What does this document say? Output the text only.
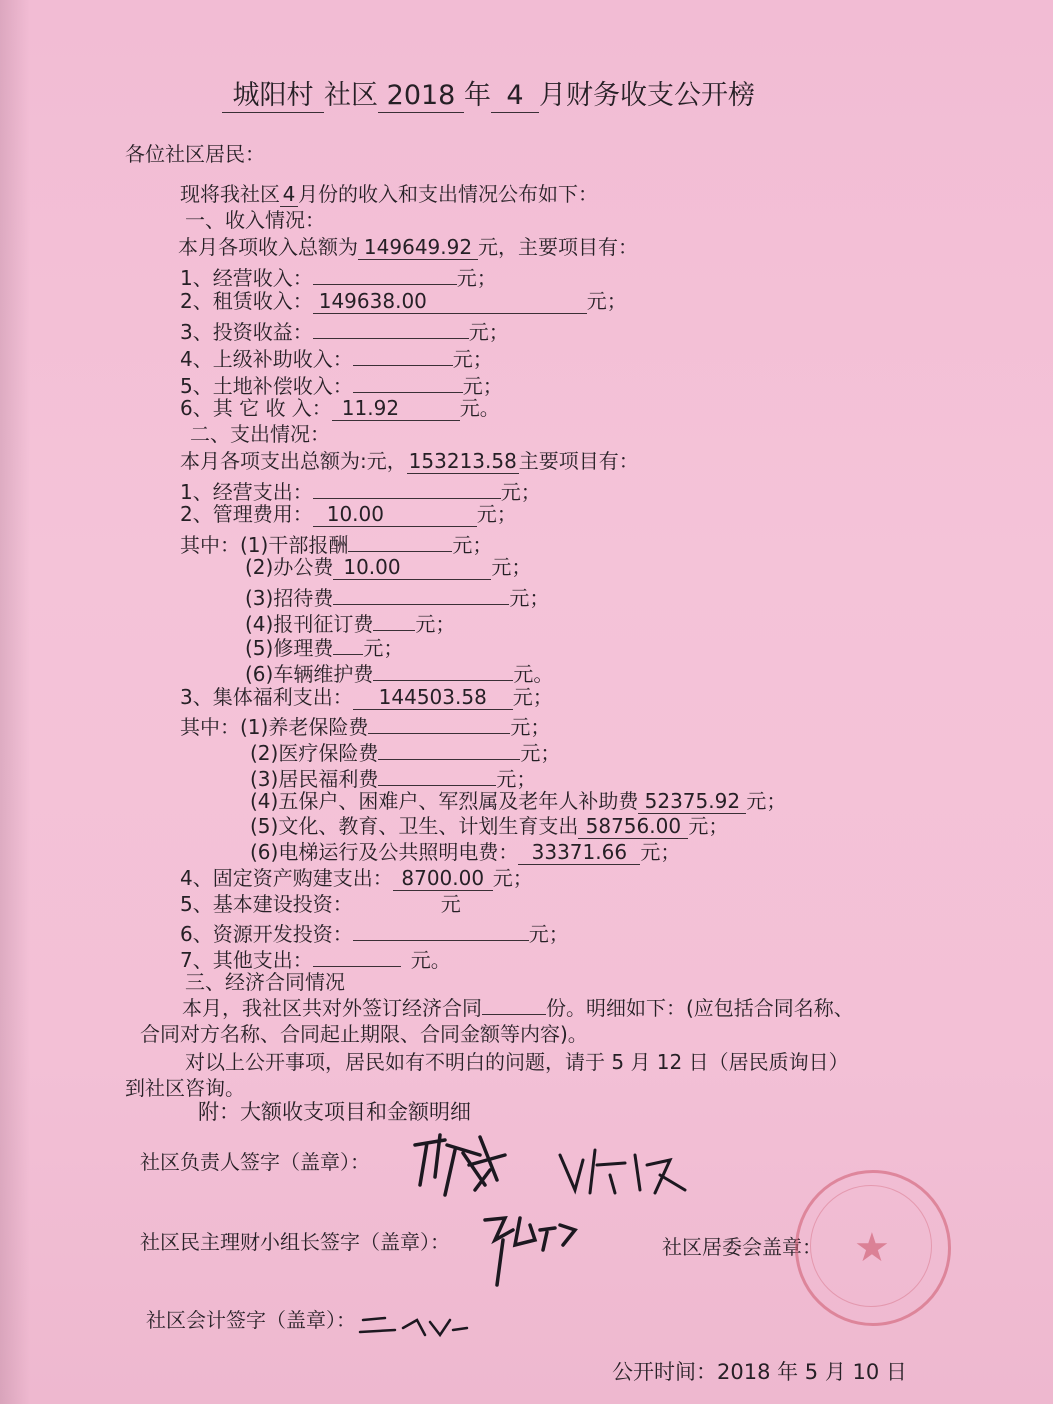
城阳村 社区 2018 年 4 月财务收支公开榜
各位社区居民：
现将我社区 4 月份的收入和支出情况公布如下：
一、收入情况：
本月各项收入总额为 149649.92 元，主要项目有：
1、经营收入：	元；
2、租赁收入： 149638.00	元；
3、投资收益：	元；
4、上级补助收入：	元；
5、土地补偿收入：	元；
6、其 它 收 入： 11.92	元。
二、支出情况：
本月各项支出总额为:元，153213.58主要项目有：
1、经营支出：	元；
2、管理费用： 10.00	元；
其中：(1)干部报酬	元；
(2)办公费 10.00	元；
(3)招待费	元；
(4)报刊征订费 元；
(5)修理费 元；
(6)车辆维护费	元。
3、集体福利支出： 144503.58 元；
其中：(1)养老保险费	元；
(2)医疗保险费	元；
(3)居民福利费	元；
(4)五保户、困难户、军烈属及老年人补助费 52375.92 元；
(5)文化、教育、卫生、计划生育支出 58756.00 元；
(6)电梯运行及公共照明电费： 33371.66 元；
4、固定资产购建支出： 8700.00 元；
5、基本建设投资：	元
6、资源开发投资：	元；
7、其他支出：	元。
三、经济合同情况
本月，我社区共对外签订经济合同	份。明细如下：(应包括合同名称、
合同对方名称、合同起止期限、合同金额等内容)。
对以上公开事项，居民如有不明白的问题，请于 5 月 12 日（居民质询日）
到社区咨询。
附：大额收支项目和金额明细
社区负责人签字（盖章）：
社区民主理财小组长签字（盖章）：	社区居委会盖章：
社区会计签字（盖章）：
★
公开时间：2018 年 5 月 10 日
